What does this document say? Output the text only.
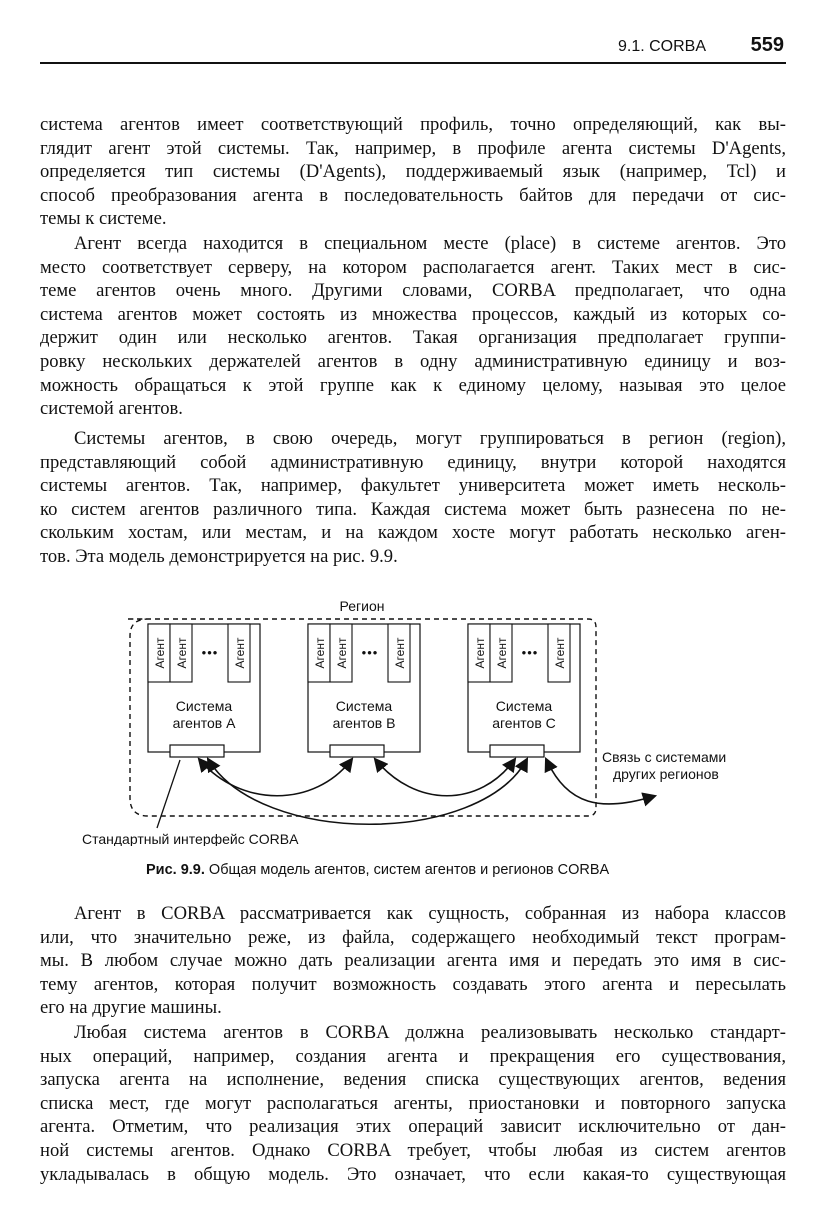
9.1. CORBA 559
система агентов имеет соответствующий профиль, точно определяющий, как вы-
глядит агент этой системы. Так, например, в профиле агента системы D'Agents,
определяется тип системы (D'Agents), поддерживаемый язык (например, Tcl) и
способ преобразования агента в последовательность байтов для передачи от сис-
темы к системе.
Агент всегда находится в специальном месте (place) в системе агентов. Это
место соответствует серверу, на котором располагается агент. Таких мест в сис-
теме агентов очень много. Другими словами, CORBA предполагает, что одна
система агентов может состоять из множества процессов, каждый из которых со-
держит один или несколько агентов. Такая организация предполагает группи-
ровку нескольких держателей агентов в одну административную единицу и воз-
можность обращаться к этой группе как к единому целому, называя это целое
системой агентов.
Системы агентов, в свою очередь, могут группироваться в регион (region),
представляющий собой административную единицу, внутри которой находятся
системы агентов. Так, например, факультет университета может иметь несколь-
ко систем агентов различного типа. Каждая система может быть разнесена по не-
скольким хостам, или местам, и на каждом хосте могут работать несколько аген-
тов. Эта модель демонстрируется на рис. 9.9.
Регион
Агент Агент	Агент
•••
Система
агентов A
Агент Агент	Агент
•••
Система
агентов B
Агент Агент	Агент
•••
Система
агентов C
Связь с системами
других регионов
Стандартный интерфейс CORBA
Рис. 9.9. Общая модель агентов, систем агентов и регионов CORBA
Агент в CORBA рассматривается как сущность, собранная из набора классов
или, что значительно реже, из файла, содержащего необходимый текст програм-
мы. В любом случае можно дать реализации агента имя и передать это имя в сис-
тему агентов, которая получит возможность создавать этого агента и пересылать
его на другие машины.
Любая система агентов в CORBA должна реализовывать несколько стандарт-
ных операций, например, создания агента и прекращения его существования,
запуска агента на исполнение, ведения списка существующих агентов, ведения
списка мест, где могут располагаться агенты, приостановки и повторного запуска
агента. Отметим, что реализация этих операций зависит исключительно от дан-
ной системы агентов. Однако CORBA требует, чтобы любая из систем агентов
укладывалась в общую модель. Это означает, что если какая-то существующая
